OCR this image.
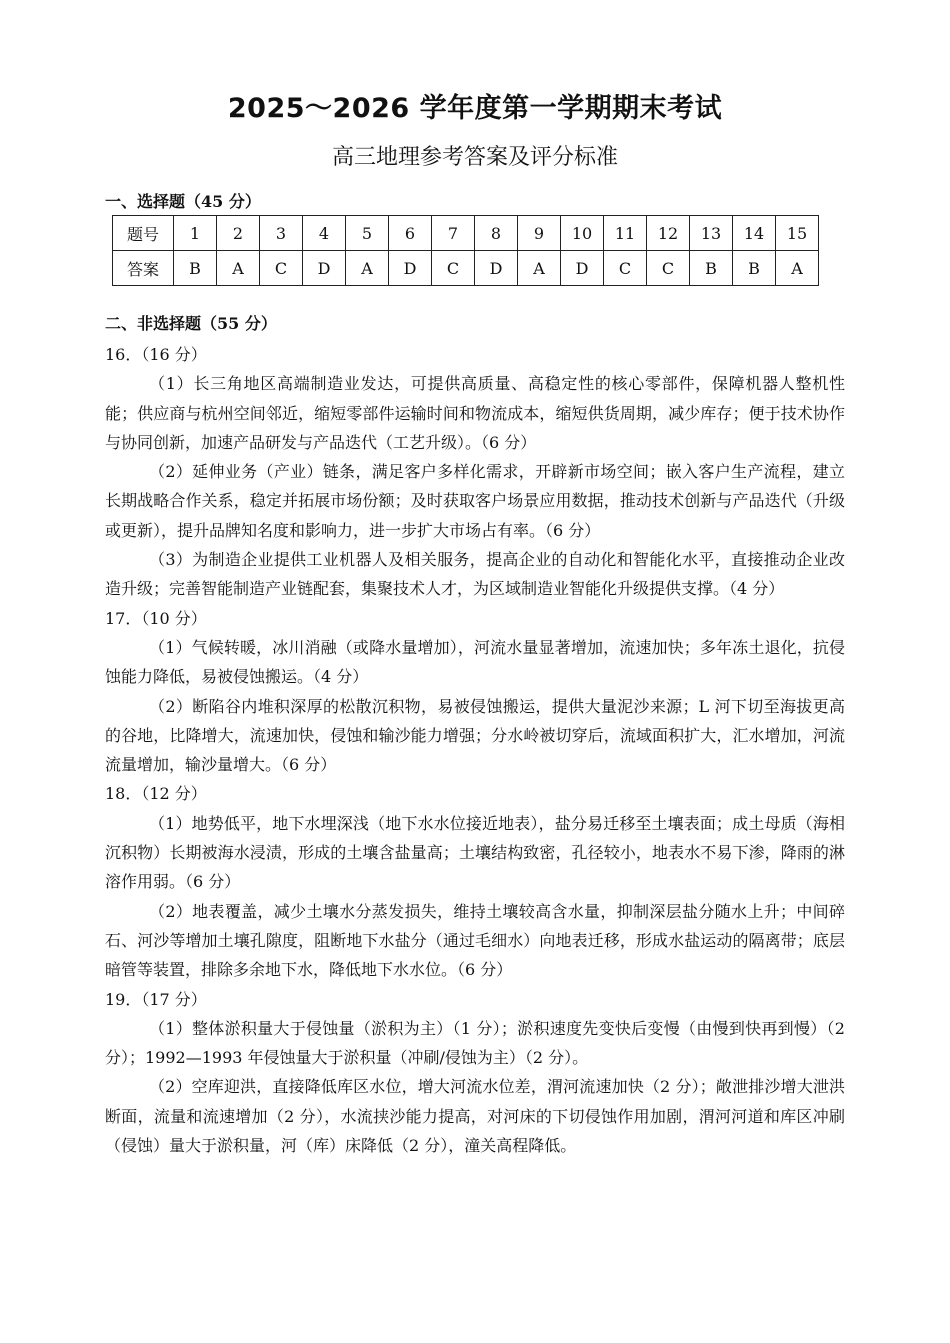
2025～2026 学年度第一学期期末考试
高三地理参考答案及评分标准
一、选择题（45 分）
题号	1	2	3	4	5	6	7	8	9	10	11	12	13	14	15
答案	B	A	C	D	A	D	C	D	A	D	C	C	B	B	A
二、非选择题（55 分）

16．（16 分）

（1）长三角地区高端制造业发达，可提供高质量、高稳定性的核心零部件，保障机器人整机性能；供应商与杭州空间邻近，缩短零部件运输时间和物流成本，缩短供货周期，减少库存；便于技术协作与协同创新，加速产品研发与产品迭代（工艺升级）。（6 分）

（2）延伸业务（产业）链条，满足客户多样化需求，开辟新市场空间；嵌入客户生产流程，建立长期战略合作关系，稳定并拓展市场份额；及时获取客户场景应用数据，推动技术创新与产品迭代（升级或更新），提升品牌知名度和影响力，进一步扩大市场占有率。（6 分）

（3）为制造企业提供工业机器人及相关服务，提高企业的自动化和智能化水平，直接推动企业改造升级；完善智能制造产业链配套，集聚技术人才，为区域制造业智能化升级提供支撑。（4 分）

17．（10 分）

（1）气候转暖，冰川消融（或降水量增加），河流水量显著增加，流速加快；多年冻土退化，抗侵蚀能力降低，易被侵蚀搬运。（4 分）

（2）断陷谷内堆积深厚的松散沉积物，易被侵蚀搬运，提供大量泥沙来源；L 河下切至海拔更高的谷地，比降增大，流速加快，侵蚀和输沙能力增强；分水岭被切穿后，流域面积扩大，汇水增加，河流流量增加，输沙量增大。（6 分）

18．（12 分）

（1）地势低平，地下水埋深浅（地下水水位接近地表），盐分易迁移至土壤表面；成土母质（海相沉积物）长期被海水浸渍，形成的土壤含盐量高；土壤结构致密，孔径较小，地表水不易下渗，降雨的淋溶作用弱。（6 分）

（2）地表覆盖，减少土壤水分蒸发损失，维持土壤较高含水量，抑制深层盐分随水上升；中间碎石、河沙等增加土壤孔隙度，阻断地下水盐分（通过毛细水）向地表迁移，形成水盐运动的隔离带；底层暗管等装置，排除多余地下水，降低地下水水位。（6 分）

19．（17 分）

（1）整体淤积量大于侵蚀量（淤积为主）（1 分）；淤积速度先变快后变慢（由慢到快再到慢）（2 分）；1992—1993 年侵蚀量大于淤积量（冲刷/侵蚀为主）（2 分）。

（2）空库迎洪，直接降低库区水位，增大河流水位差，渭河流速加快（2 分）；敞泄排沙增大泄洪断面，流量和流速增加（2 分），水流挟沙能力提高，对河床的下切侵蚀作用加剧，渭河河道和库区冲刷（侵蚀）量大于淤积量，河（库）床降低（2 分），潼关高程降低。
